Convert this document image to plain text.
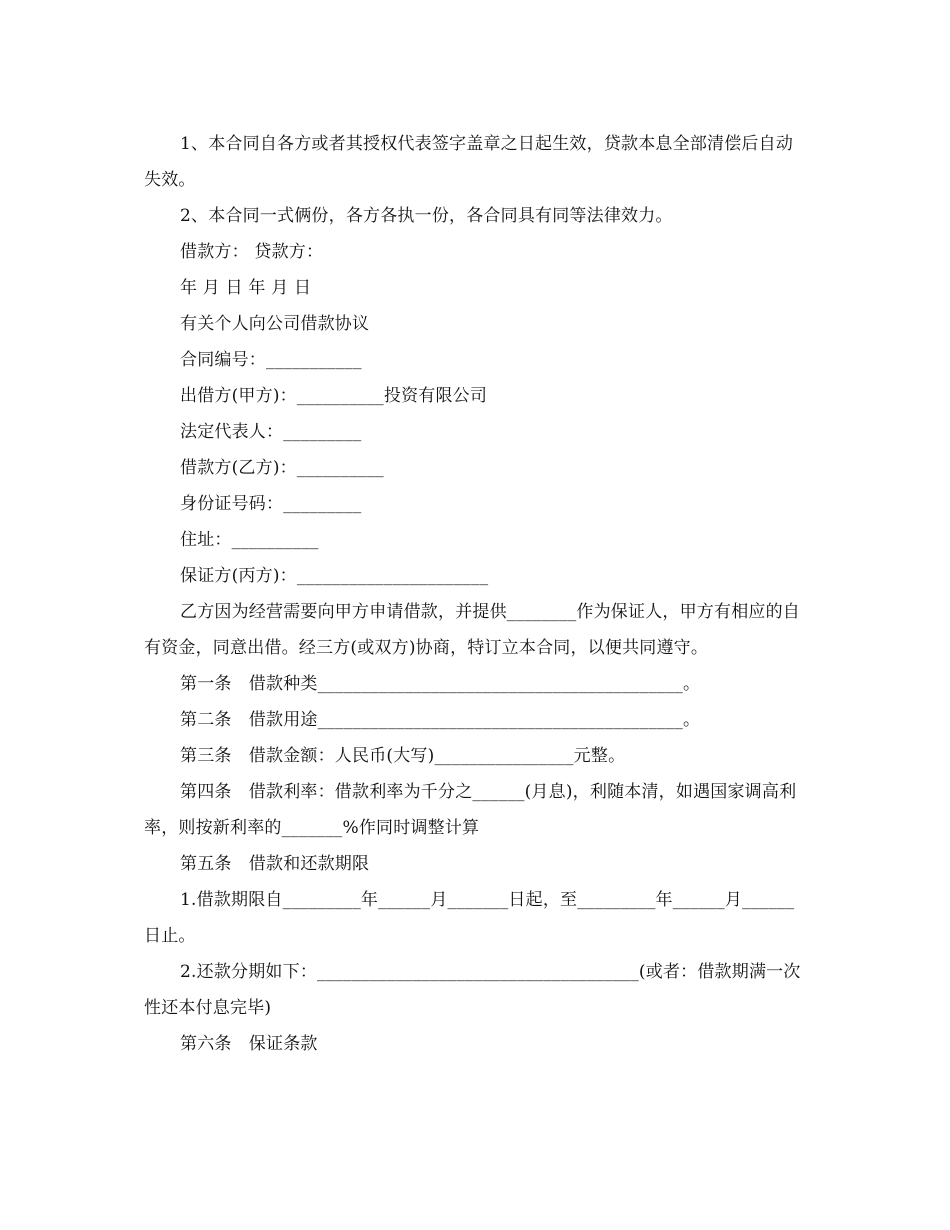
1、本合同自各方或者其授权代表签字盖章之日起生效，贷款本息全部清偿后自动失效。

2、本合同一式俩份，各方各执一份，各合同具有同等法律效力。

借款方： 贷款方：

年 月 日 年 月 日

有关个人向公司借款协议

合同编号：___________

出借方(甲方)：__________投资有限公司

法定代表人：_________

借款方(乙方)：__________

身份证号码：_________

住址：__________

保证方(丙方)：______________________

乙方因为经营需要向甲方申请借款，并提供________作为保证人，甲方有相应的自有资金，同意出借。经三方(或双方)协商，特订立本合同，以便共同遵守。

第一条　借款种类__________________________________________。

第二条　借款用途__________________________________________。

第三条　借款金额：人民币(大写)________________元整。

第四条　借款利率：借款利率为千分之______(月息)，利随本清，如遇国家调高利率，则按新利率的_______%作同时调整计算

第五条　借款和还款期限

1.借款期限自_________年______月_______日起，至_________年______月______日止。

2.还款分期如下：_____________________________________(或者：借款期满一次性还本付息完毕)

第六条　保证条款
